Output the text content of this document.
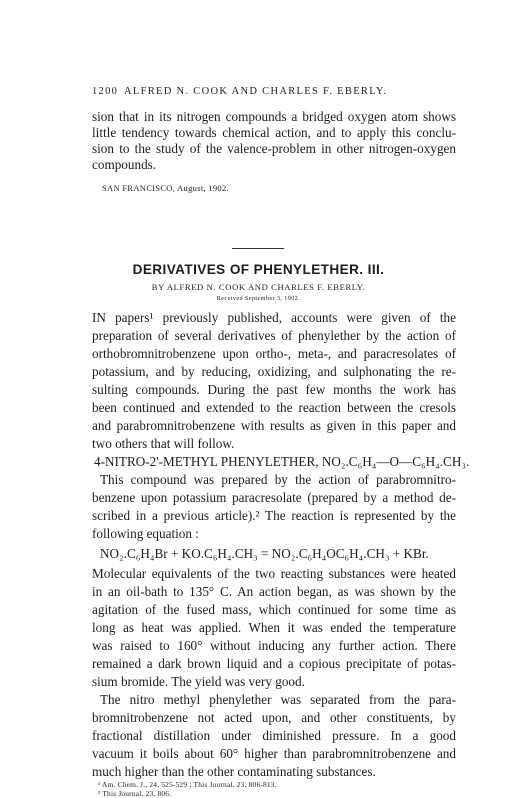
1200 ALFRED N. COOK AND CHARLES F. EBERLY.
sion that in its nitrogen compounds a bridged oxygen atom shows
little tendency towards chemical action, and to apply this conclu-
sion to the study of the valence-problem in other nitrogen-oxygen
compounds.
SAN FRANCISCO, August, 1902.
DERIVATIVES OF PHENYLETHER. III.
BY ALFRED N. COOK AND CHARLES F. EBERLY.
Received September 3, 1902.
IN papers¹ previously published, accounts were given of the
preparation of several derivatives of phenylether by the action of
orthobromnitrobenzene upon ortho-, meta-, and paracresolates of
potassium, and by reducing, oxidizing, and sulphonating the re-
sulting compounds. During the past few months the work has
been continued and extended to the reaction between the cresols
and parabromnitrobenzene with results as given in this paper and
two others that will follow.
4-NITRO-2'-METHYL PHENYLETHER, NO₂.C₆H₄—O—C₆H₄.CH₃.
This compound was prepared by the action of parabromnitro-
benzene upon potassium paracresolate (prepared by a method de-
scribed in a previous article).² The reaction is represented by the
following equation :
NO₂.C₆H₄Br + KO.C₆H₄.CH₃ = NO₂.C₆H₄OC₆H₄.CH₃ + KBr.
Molecular equivalents of the two reacting substances were heated
in an oil-bath to 135° C. An action began, as was shown by the
agitation of the fused mass, which continued for some time as
long as heat was applied. When it was ended the temperature
was raised to 160° without inducing any further action. There
remained a dark brown liquid and a copious precipitate of potas-
sium bromide. The yield was very good.
The nitro methyl phenylether was separated from the para-
bromnitrobenzene not acted upon, and other constituents, by
fractional distillation under diminished pressure. In a good
vacuum it boils about 60° higher than parabromnitrobenzene and
much higher than the other contaminating substances.
¹ Am. Chem. J., 24, 525-529 ; This Journal, 23, 806-813.
² This Journal, 23, 806.
